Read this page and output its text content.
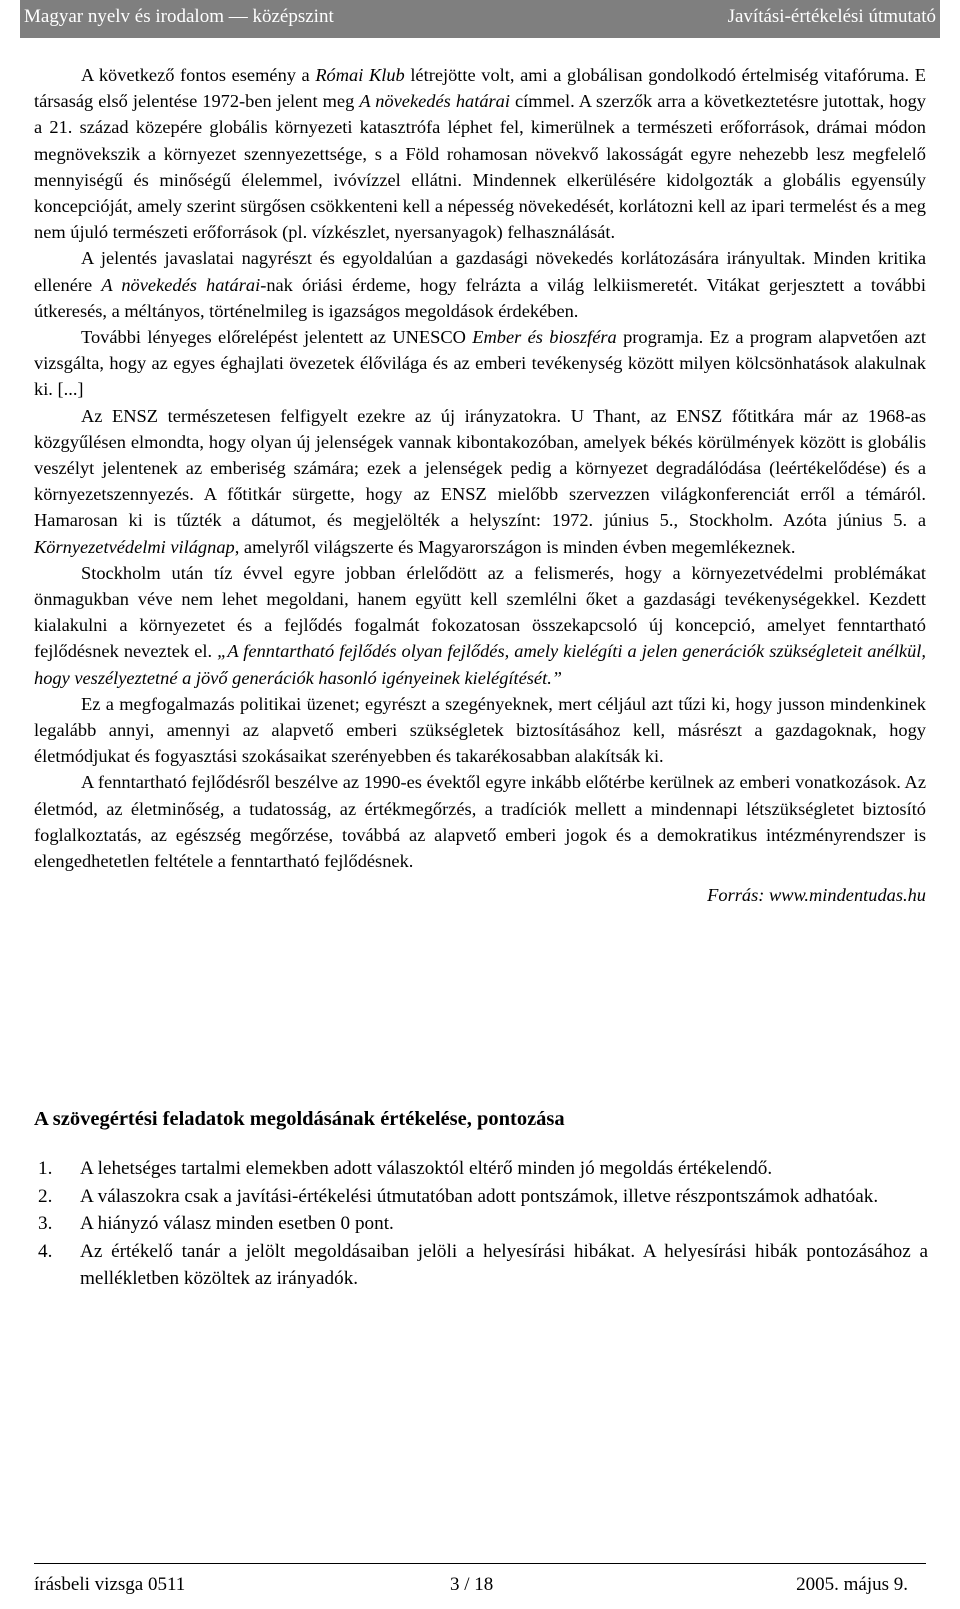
Magyar nyelv és irodalom — középszint	Javítási-értékelési útmutató

A következő fontos esemény a Római Klub létrejötte volt, ami a globálisan gondolkodó értelmiség vitafóruma. E társaság első jelentése 1972-ben jelent meg A növekedés határai címmel. A szerzők arra a következtetésre jutottak, hogy a 21. század közepére globális környezeti katasztrófa léphet fel, kimerülnek a természeti erőforrások, drámai módon megnövekszik a környezet szennyezettsége, s a Föld rohamosan növekvő lakosságát egyre nehezebb lesz megfelelő mennyiségű és minőségű élelemmel, ivóvízzel ellátni. Mindennek elkerülésére kidolgozták a globális egyensúly koncepcióját, amely szerint sürgősen csökkenteni kell a népesség növekedését, korlátozni kell az ipari termelést és a meg nem újuló természeti erőforrások (pl. vízkészlet, nyersanyagok) felhasználását.

A jelentés javaslatai nagyrészt és egyoldalúan a gazdasági növekedés korlátozására irányultak. Minden kritika ellenére A növekedés határai-nak óriási érdeme, hogy felrázta a világ lelkiismeretét. Vitákat gerjesztett a további útkeresés, a méltányos, történelmileg is igazságos megoldások érdekében.

További lényeges előrelépést jelentett az UNESCO Ember és bioszféra programja. Ez a program alapvetően azt vizsgálta, hogy az egyes éghajlati övezetek élővilága és az emberi tevékenység között milyen kölcsönhatások alakulnak ki. [...]

Az ENSZ természetesen felfigyelt ezekre az új irányzatokra. U Thant, az ENSZ főtitkára már az 1968-as közgyűlésen elmondta, hogy olyan új jelenségek vannak kibontakozóban, amelyek békés körülmények között is globális veszélyt jelentenek az emberiség számára; ezek a jelenségek pedig a környezet degradálódása (leértékelődése) és a környezetszennyezés. A főtitkár sürgette, hogy az ENSZ mielőbb szervezzen világkonferenciát erről a témáról. Hamarosan ki is tűzték a dátumot, és megjelölték a helyszínt: 1972. június 5., Stockholm. Azóta június 5. a Környezetvédelmi világnap, amelyről világszerte és Magyarországon is minden évben megemlékeznek.

Stockholm után tíz évvel egyre jobban érlelődött az a felismerés, hogy a környezetvédelmi problémákat önmagukban véve nem lehet megoldani, hanem együtt kell szemlélni őket a gazdasági tevékenységekkel. Kezdett kialakulni a környezetet és a fejlődés fogalmát fokozatosan összekapcsoló új koncepció, amelyet fenntartható fejlődésnek neveztek el. „A fenntartható fejlődés olyan fejlődés, amely kielégíti a jelen generációk szükségleteit anélkül, hogy veszélyeztetné a jövő generációk hasonló igényeinek kielégítését.”

Ez a megfogalmazás politikai üzenet; egyrészt a szegényeknek, mert céljául azt tűzi ki, hogy jusson mindenkinek legalább annyi, amennyi az alapvető emberi szükségletek biztosításához kell, másrészt a gazdagoknak, hogy életmódjukat és fogyasztási szokásaikat szerényebben és takarékosabban alakítsák ki.

A fenntartható fejlődésről beszélve az 1990-es évektől egyre inkább előtérbe kerülnek az emberi vonatkozások. Az életmód, az életminőség, a tudatosság, az értékmegőrzés, a tradíciók mellett a mindennapi létszükségletet biztosító foglalkoztatás, az egészség megőrzése, továbbá az alapvető emberi jogok és a demokratikus intézményrendszer is elengedhetetlen feltétele a fenntartható fejlődésnek.

Forrás: www.mindentudas.hu
A szövegértési feladatok megoldásának értékelése, pontozása
1. A lehetséges tartalmi elemekben adott válaszoktól eltérő minden jó megoldás értékelendő.
2. A válaszokra csak a javítási-értékelési útmutatóban adott pontszámok, illetve részpontszámok adhatóak.
3. A hiányzó válasz minden esetben 0 pont.
4. Az értékelő tanár a jelölt megoldásaiban jelöli a helyesírási hibákat. A helyesírási hibák pontozásához a mellékletben közöltek az irányadók.
írásbeli vizsga 0511	3 / 18	2005. május 9.
